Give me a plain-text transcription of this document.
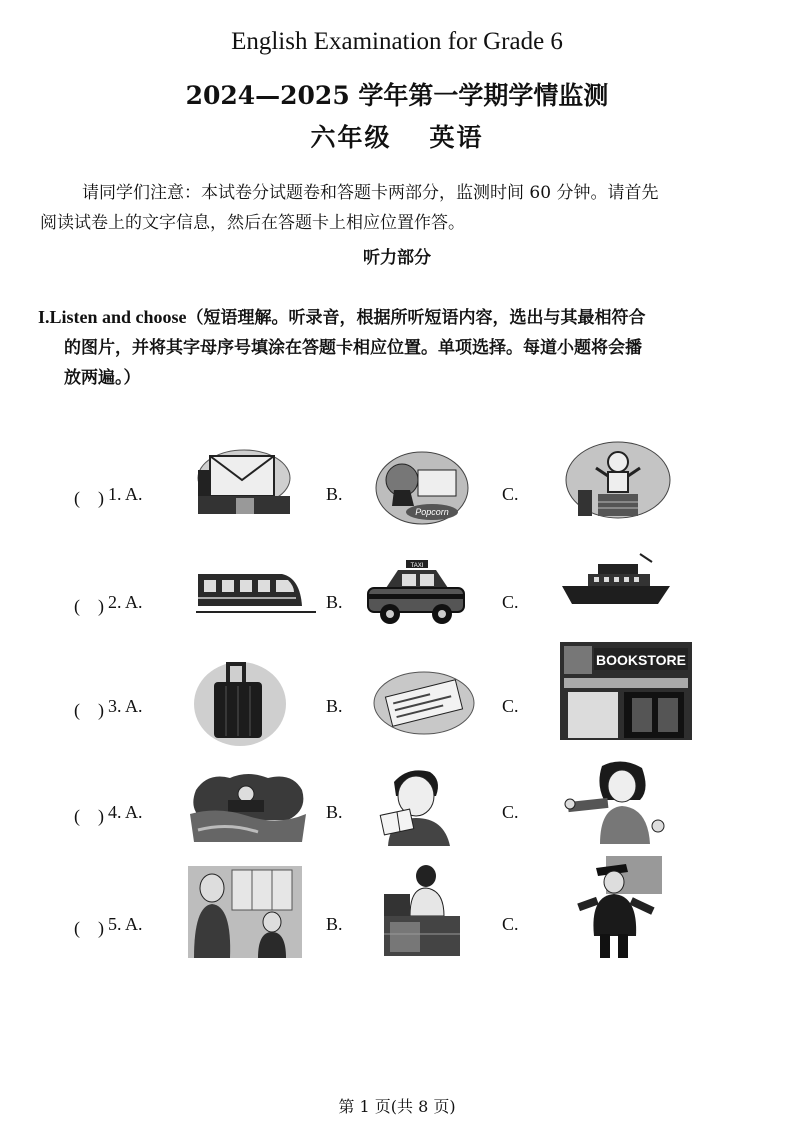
English Examination for Grade 6
2024—2025 学年第一学期学情监测
六年级 英语
请同学们注意：本试卷分试题卷和答题卡两部分，监测时间 60 分钟。请首先
阅读试卷上的文字信息，然后在答题卡上相应位置作答。
听力部分
I.Listen and choose（短语理解。听录音，根据所听短语内容，选出与其最相符合
的图片，并将其字母序号填涂在答题卡相应位置。单项选择。每道小题将会播
放两遍。）
(　) 1. A.	B.
Popcorn
C.
(　) 2. A.	B.
TAXI
C.
(　) 3. A.	B.	C.
BOOKSTORE
(　) 4. A.	B.	C.
(　) 5. A.	B.	C.
第 1 页(共 8 页)
